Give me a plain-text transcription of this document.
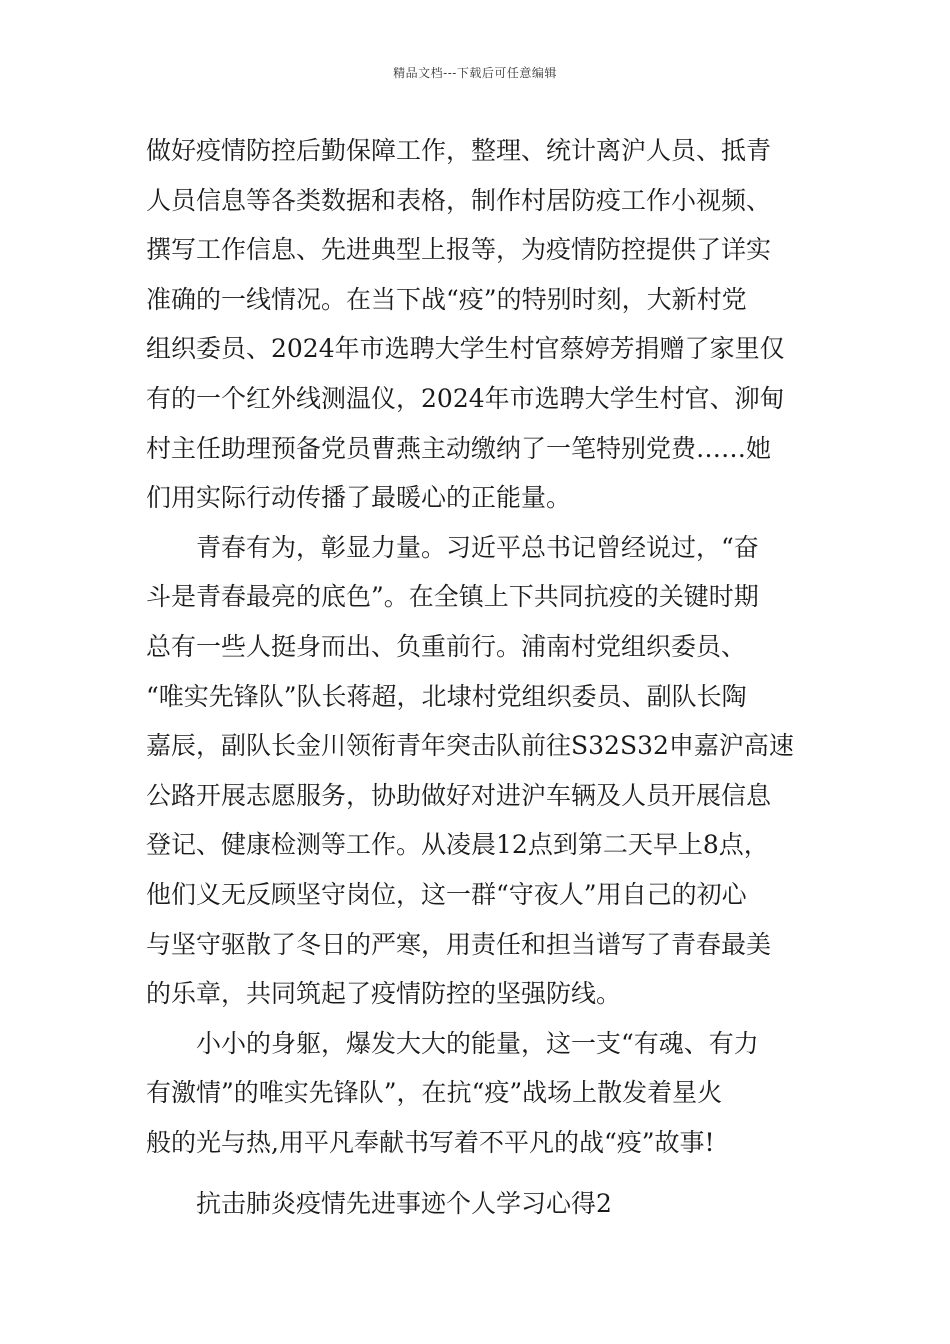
精品文档---下载后可任意编辑
做好疫情防控后勤保障工作，整理、统计离沪人员、抵青
人员信息等各类数据和表格，制作村居防疫工作小视频、
撰写工作信息、先进典型上报等，为疫情防控提供了详实
准确的一线情况。在当下战“疫”的特别时刻，大新村党
组织委员、2024年市选聘大学生村官蔡婷芳捐赠了家里仅
有的一个红外线测温仪，2024年市选聘大学生村官、泖甸
村主任助理预备党员曹燕主动缴纳了一笔特别党费……她
们用实际行动传播了最暖心的正能量。
青春有为，彰显力量。习近平总书记曾经说过，“奋
斗是青春最亮的底色”。在全镇上下共同抗疫的关键时期
总有一些人挺身而出、负重前行。浦南村党组织委员、
“唯实先锋队”队长蒋超，北埭村党组织委员、副队长陶
嘉辰，副队长金川领衔青年突击队前往S32S32申嘉沪高速
公路开展志愿服务，协助做好对进沪车辆及人员开展信息
登记、健康检测等工作。从凌晨12点到第二天早上8点，
他们义无反顾坚守岗位，这一群“守夜人”用自己的初心
与坚守驱散了冬日的严寒，用责任和担当谱写了青春最美
的乐章，共同筑起了疫情防控的坚强防线。
小小的身躯，爆发大大的能量，这一支“有魂、有力
有激情”的唯实先锋队”，在抗“疫”战场上散发着星火
般的光与热,用平凡奉献书写着不平凡的战“疫”故事!
抗击肺炎疫情先进事迹个人学习心得2
